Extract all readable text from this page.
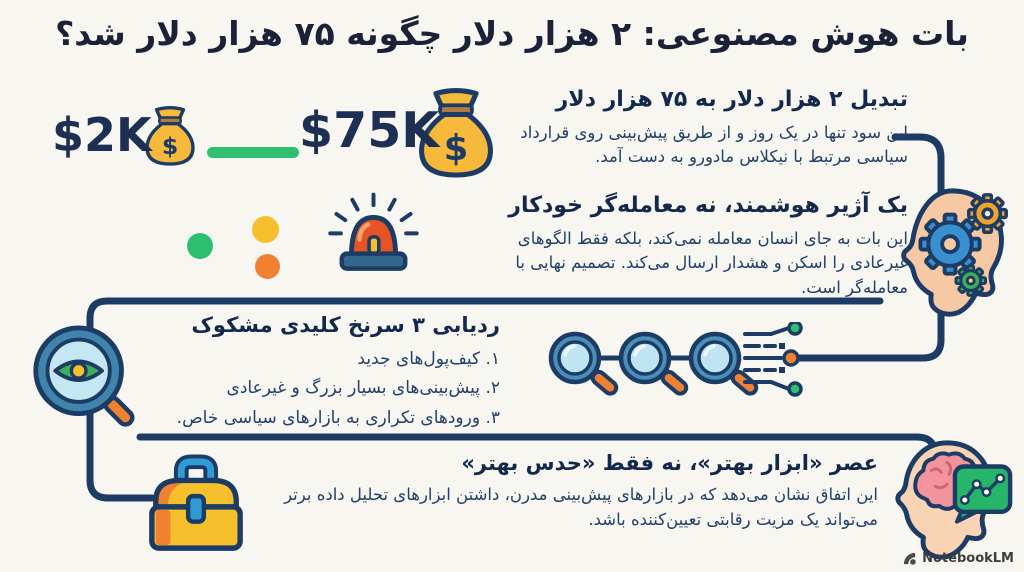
بات هوش مصنوعی: ۲ هزار دلار چگونه ۷۵ هزار دلار شد؟
$2K $ $75K $
تبدیل ۲ هزار دلار به ۷۵ هزار دلار

این سود تنها در یک روز و از طریق پیش‌بینی روی قرارداد سیاسی مرتبط با نیکلاس مادورو به دست آمد.

یک آژیر هوشمند، نه معامله‌گر خودکار

این بات به جای انسان معامله نمی‌کند، بلکه فقط الگوهای غیرعادی را اسکن و هشدار ارسال می‌کند. تصمیم نهایی با معامله‌گر است.

ردیابی ۳ سرنخ کلیدی مشکوک
۱. کیف‌پول‌های جدید
۲. پیش‌بینی‌های بسیار بزرگ و غیرعادی
۳. ورودهای تکراری به بازارهای سیاسی خاص.
عصر «ابزار بهتر»، نه فقط «حدس بهتر»

این اتفاق نشان می‌دهد که در بازارهای پیش‌بینی مدرن، داشتن ابزارهای تحلیل داده برتر می‌تواند یک مزیت رقابتی تعیین‌کننده باشد.

NotebookLM
